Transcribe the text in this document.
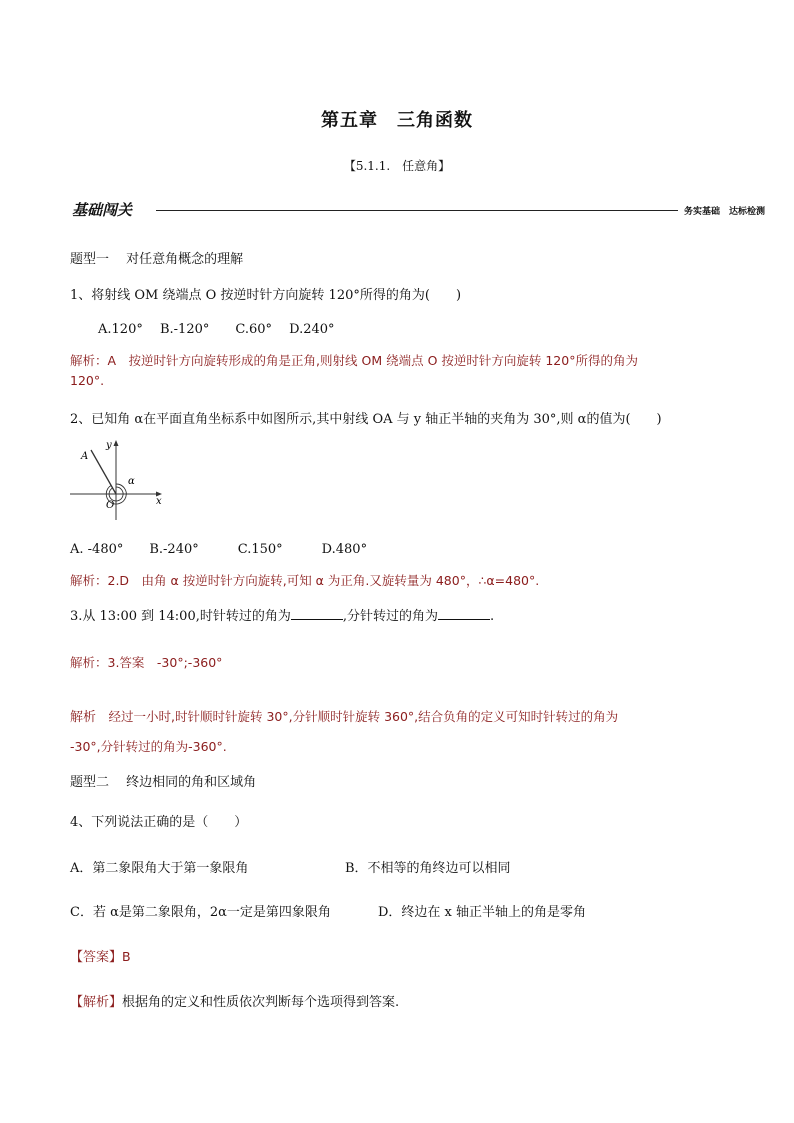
第五章　三角函数
【5.1.1.　任意角】
基础闯关	务实基础　达标检测
题型一　 对任意角概念的理解
1、将射线 OM 绕端点 O 按逆时针方向旋转 120°所得的角为(　　)
A.120°　 B.-120°　　C.60°　 D.240°
解析：A　按逆时针方向旋转形成的角是正角,则射线 OM 绕端点 O 按逆时针方向旋转 120°所得的角为
120°.
2、已知角 α在平面直角坐标系中如图所示,其中射线 OA 与 y 轴正半轴的夹角为 30°,则 α的值为(　　)
y
x
A
O
α
A. -480°　　B.-240°　　　C.150°　　　D.480°
解析：2.D　由角 α 按逆时针方向旋转,可知 α 为正角.又旋转量为 480°，∴α=480°.
3.从 13:00 到 14:00,时针转过的角为	,分针转过的角为	.
解析：3.答案　-30°;-360°
解析　经过一小时,时针顺时针旋转 30°,分针顺时针旋转 360°,结合负角的定义可知时针转过的角为
-30°,分针转过的角为-360°.
题型二　 终边相同的角和区域角
4、下列说法正确的是（　　）
A．第二象限角大于第一象限角	B．不相等的角终边可以相同
C．若 α是第二象限角，2α一定是第四象限角	D．终边在 x 轴正半轴上的角是零角
【答案】B
【解析】根据角的定义和性质依次判断每个选项得到答案.
